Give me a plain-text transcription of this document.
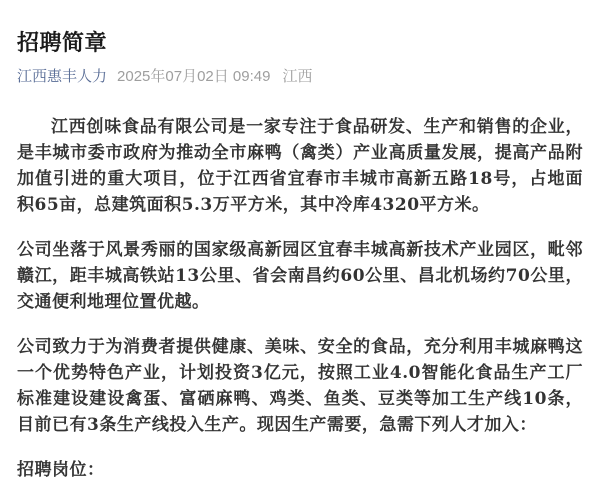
招聘简章
江西惠丰人力 2025年07月02日 09:49 江西

江西创味食品有限公司是一家专注于食品研发、生产和销售的企业，是丰城市委市政府为推动全市麻鸭（禽类）产业高质量发展，提高产品附加值引进的重大项目，位于江西省宜春市丰城市高新五路18号，占地面积65亩，总建筑面积5.3万平方米，其中冷库4320平方米。

公司坐落于风景秀丽的国家级高新园区宜春丰城高新技术产业园区，毗邻赣江，距丰城高铁站13公里、省会南昌约60公里、昌北机场约70公里，交通便利地理位置优越。

公司致力于为消费者提供健康、美味、安全的食品，充分利用丰城麻鸭这一个优势特色产业，计划投资3亿元，按照工业4.0智能化食品生产工厂标准建设建设禽蛋、富硒麻鸭、鸡类、鱼类、豆类等加工生产线10条，目前已有3条生产线投入生产。现因生产需要，急需下列人才加入：

招聘岗位：
